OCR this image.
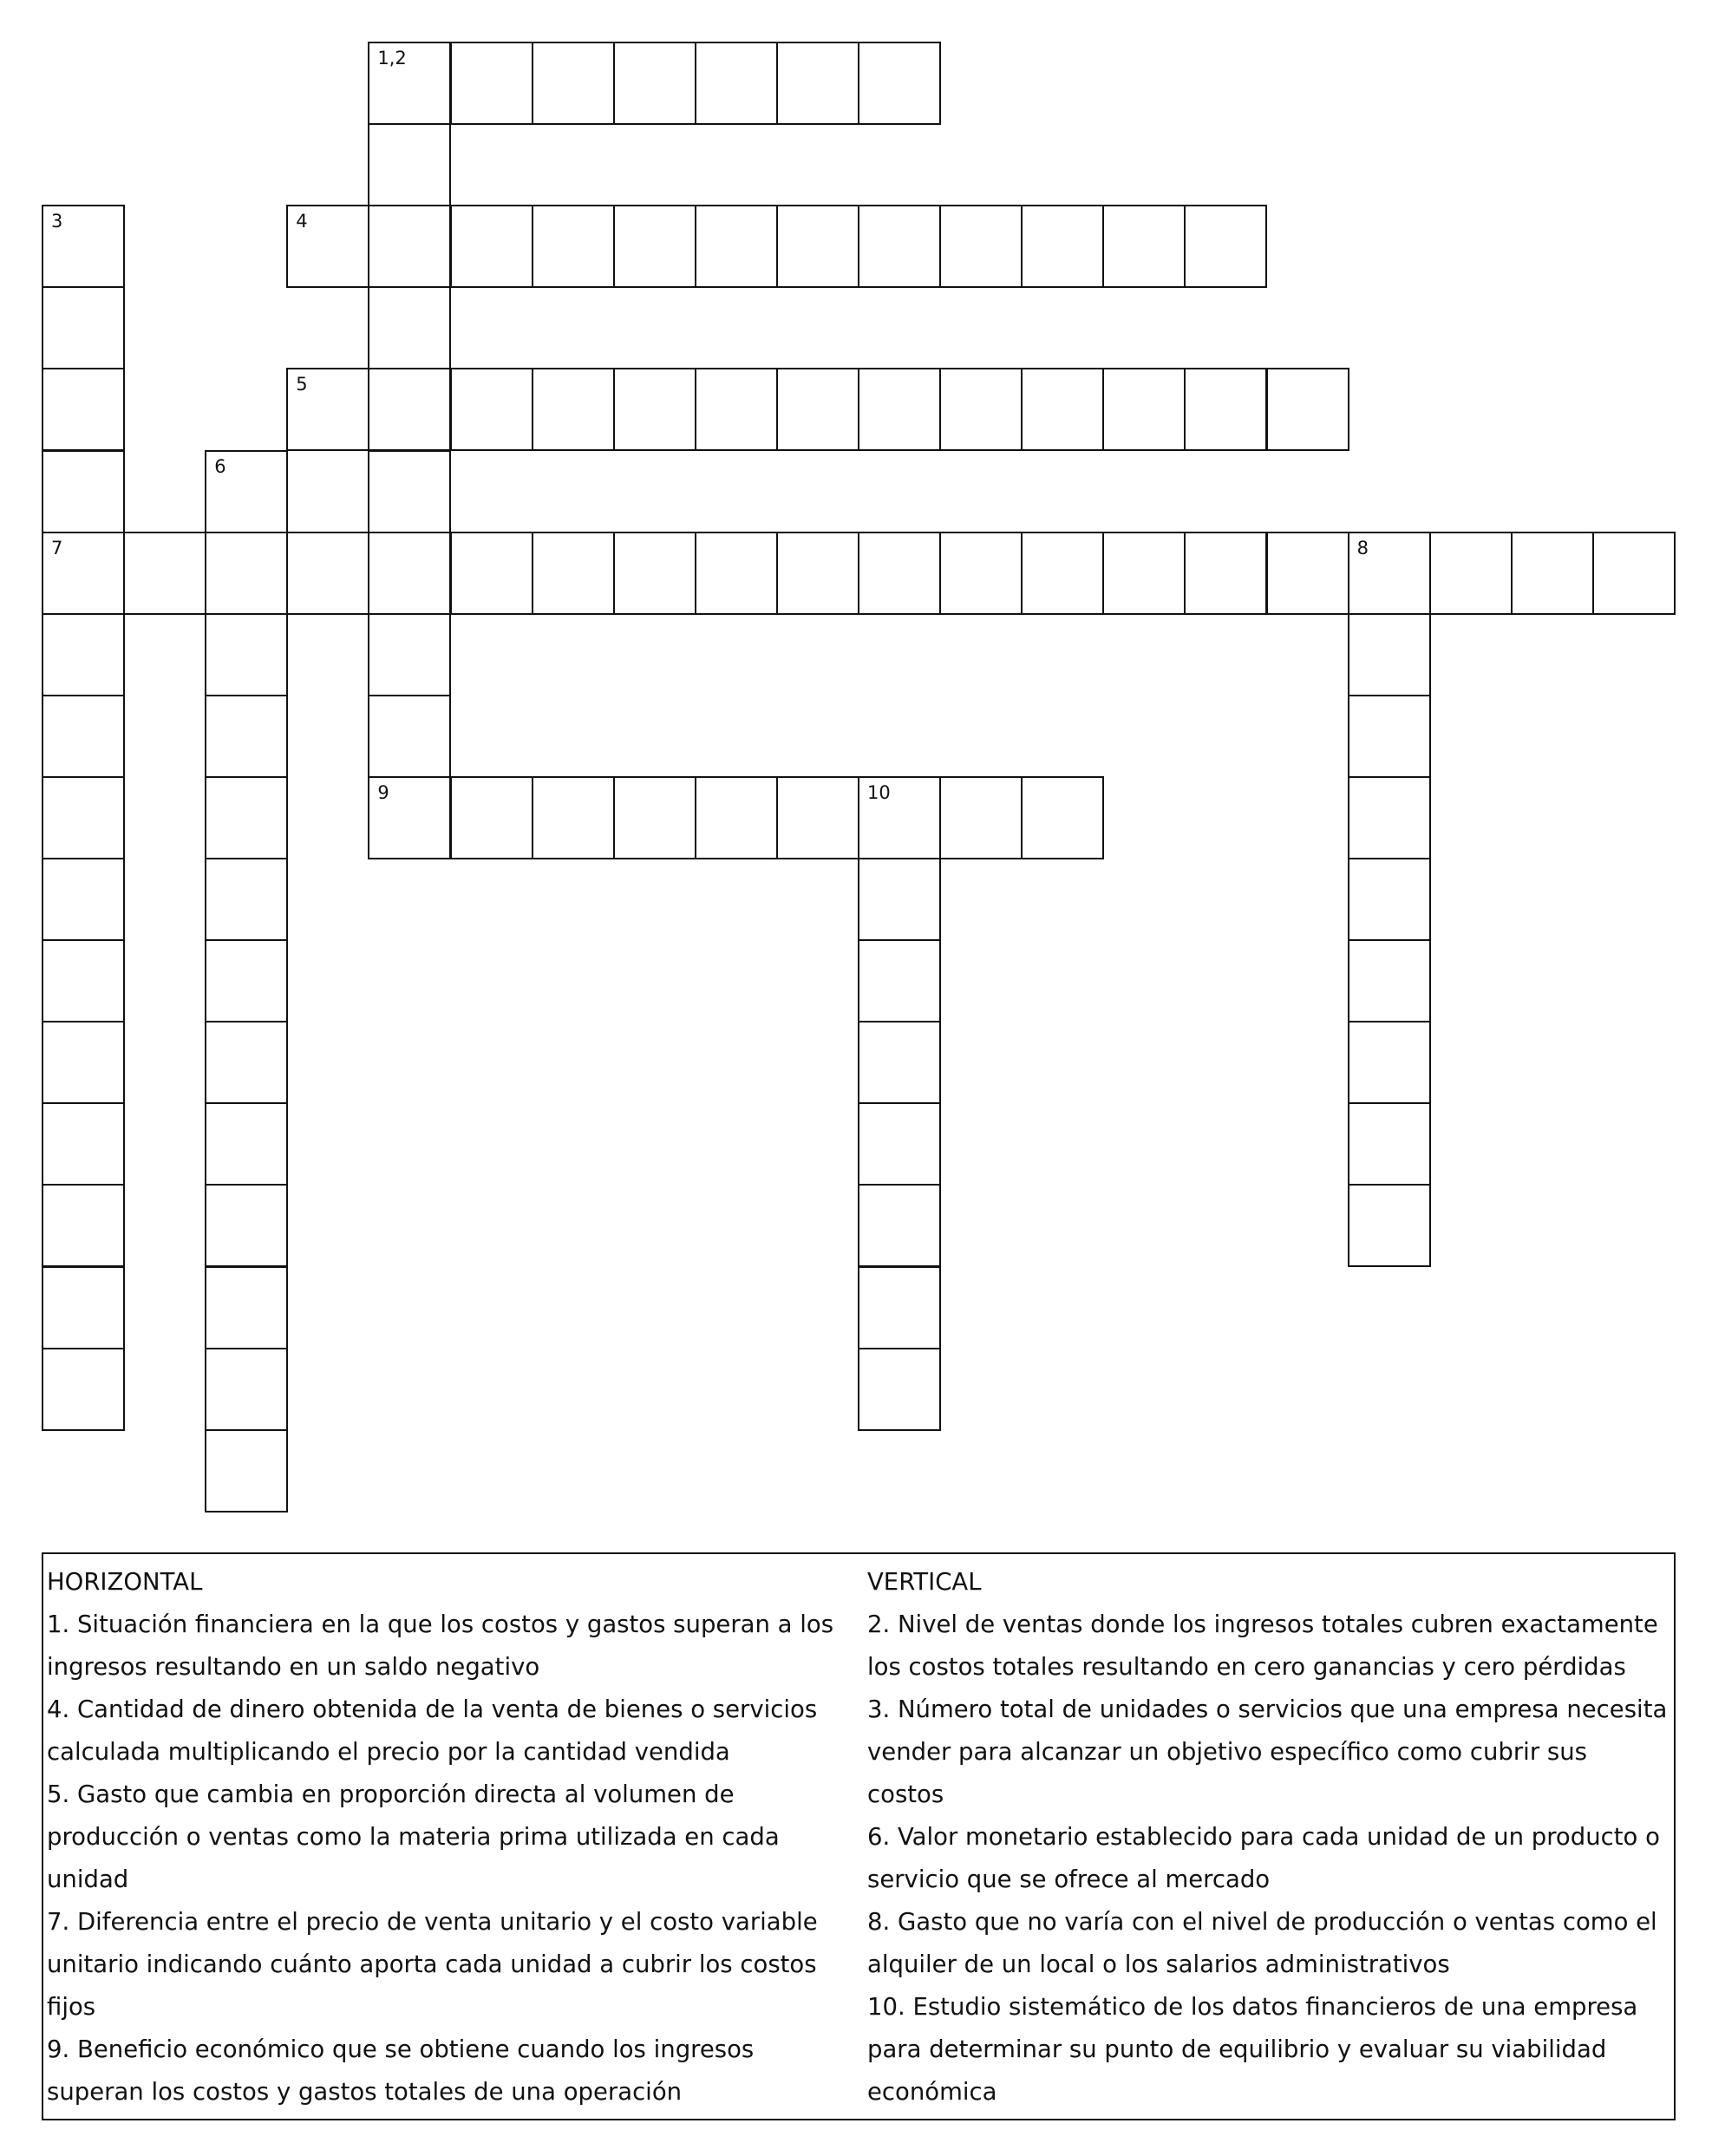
1,2
3
7
4
5
6
8
9	10

HORIZONTAL

1. Situación financiera en la que los costos y gastos superan a los ingresos resultando en un saldo negativo

4. Cantidad de dinero obtenida de la venta de bienes o servicios calculada multiplicando el precio por la cantidad vendida

5. Gasto que cambia en proporción directa al volumen de producción o ventas como la materia prima utilizada en cada unidad

7. Diferencia entre el precio de venta unitario y el costo variable unitario indicando cuánto aporta cada unidad a cubrir los costos fijos

9. Beneficio económico que se obtiene cuando los ingresos superan los costos y gastos totales de una operación

VERTICAL

2. Nivel de ventas donde los ingresos totales cubren exactamente los costos totales resultando en cero ganancias y cero pérdidas

3. Número total de unidades o servicios que una empresa necesita vender para alcanzar un objetivo específico como cubrir sus costos

6. Valor monetario establecido para cada unidad de un producto o servicio que se ofrece al mercado

8. Gasto que no varía con el nivel de producción o ventas como el alquiler de un local o los salarios administrativos

10. Estudio sistemático de los datos financieros de una empresa para determinar su punto de equilibrio y evaluar su viabilidad económica
